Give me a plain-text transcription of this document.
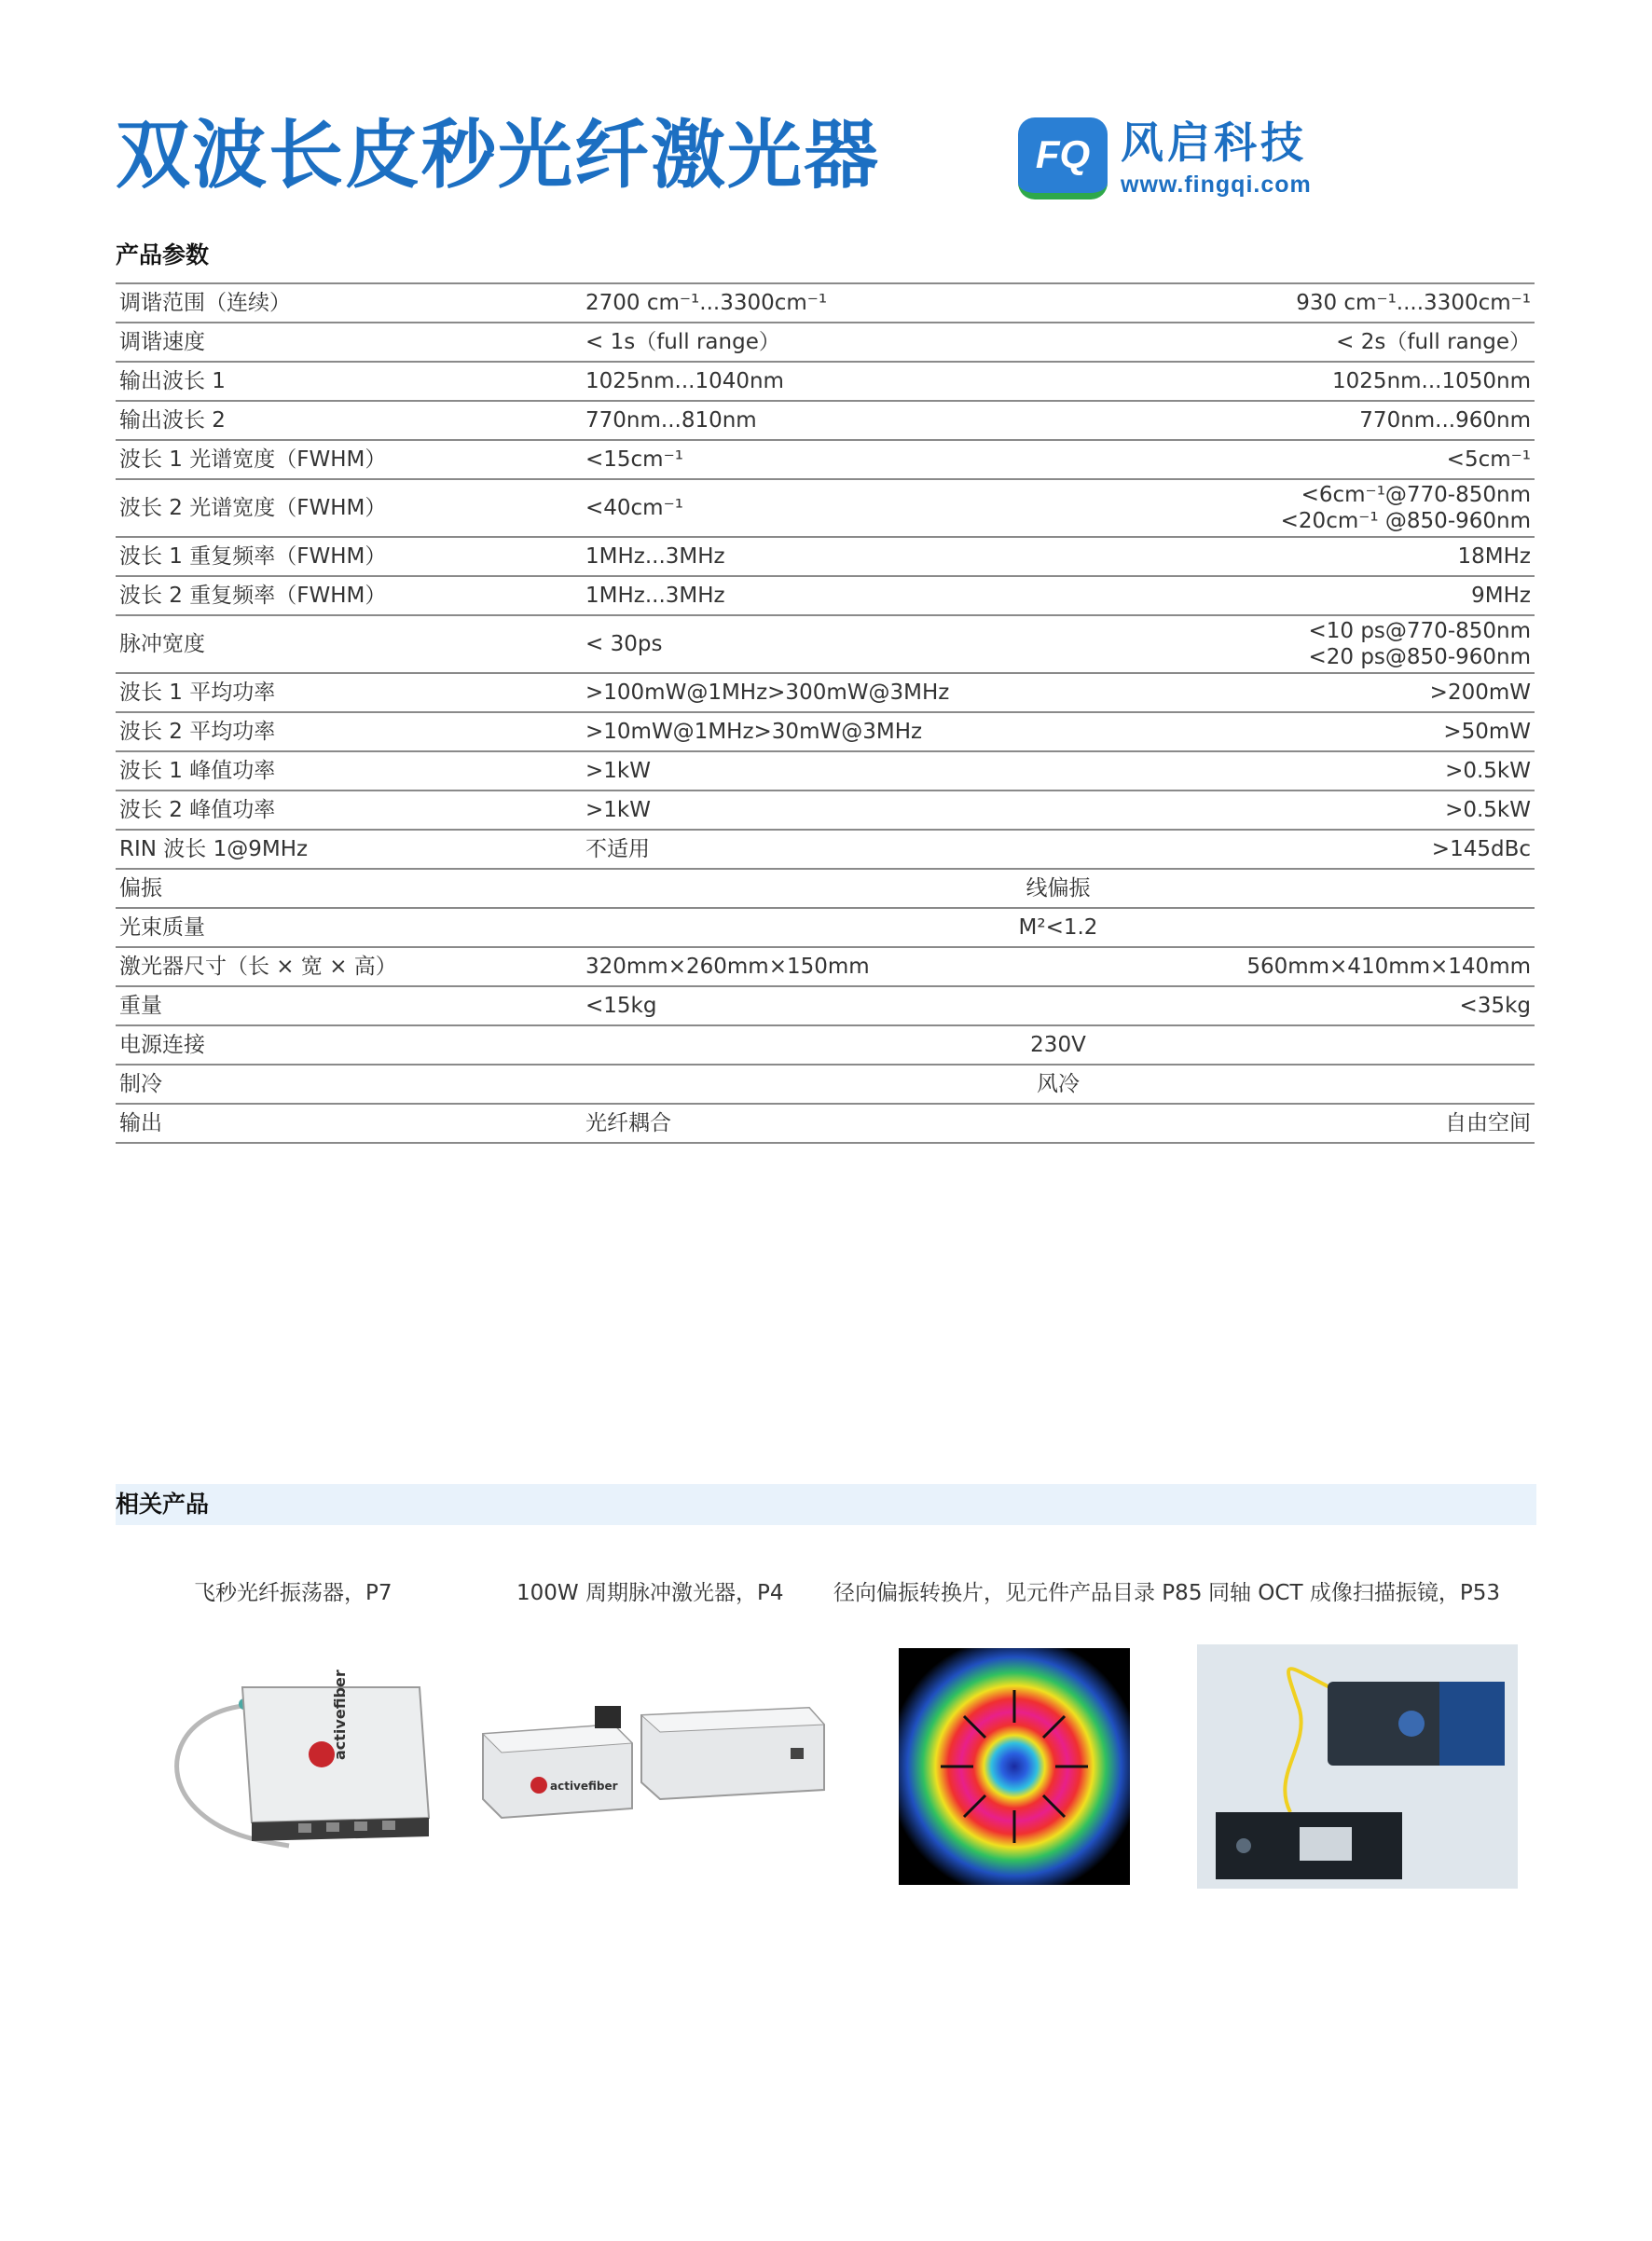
双波长皮秒光纤激光器	FQ 风启科技
www.fingqi.com
产品参数
调谐范围（连续）	2700 cm⁻¹...3300cm⁻¹	930 cm⁻¹....3300cm⁻¹
调谐速度	< 1s（full range）	< 2s（full range）
输出波长 1	1025nm...1040nm	1025nm...1050nm
输出波长 2	770nm...810nm	770nm...960nm
波长 1 光谱宽度（FWHM）	<15cm⁻¹	<5cm⁻¹
波长 2 光谱宽度（FWHM）	<40cm⁻¹	<6cm⁻¹@770-850nm
<20cm⁻¹ @850-960nm

波长 1 重复频率（FWHM）	1MHz...3MHz	18MHz
波长 2 重复频率（FWHM）	1MHz...3MHz	9MHz
脉冲宽度	< 30ps	<10 ps@770-850nm
<20 ps@850-960nm

波长 1 平均功率	>100mW@1MHz>300mW@3MHz	>200mW
波长 2 平均功率	>10mW@1MHz>30mW@3MHz	>50mW
波长 1 峰值功率	>1kW	>0.5kW
波长 2 峰值功率	>1kW	>0.5kW
RIN 波长 1@9MHz	不适用	>145dBc
偏振	线偏振	
光束质量	M²<1.2	
激光器尺寸（长 × 宽 × 高）	320mm×260mm×150mm	560mm×410mm×140mm
重量	<15kg	<35kg
电源连接	230V	
制冷	风冷	
输出	光纤耦合	自由空间
相关产品
飞秒光纤振荡器，P7	100W 周期脉冲激光器，P4 径向偏振转换片，见元件产品目录 P85 同轴 OCT 成像扫描振镜，P53
activefiber
activefiber
